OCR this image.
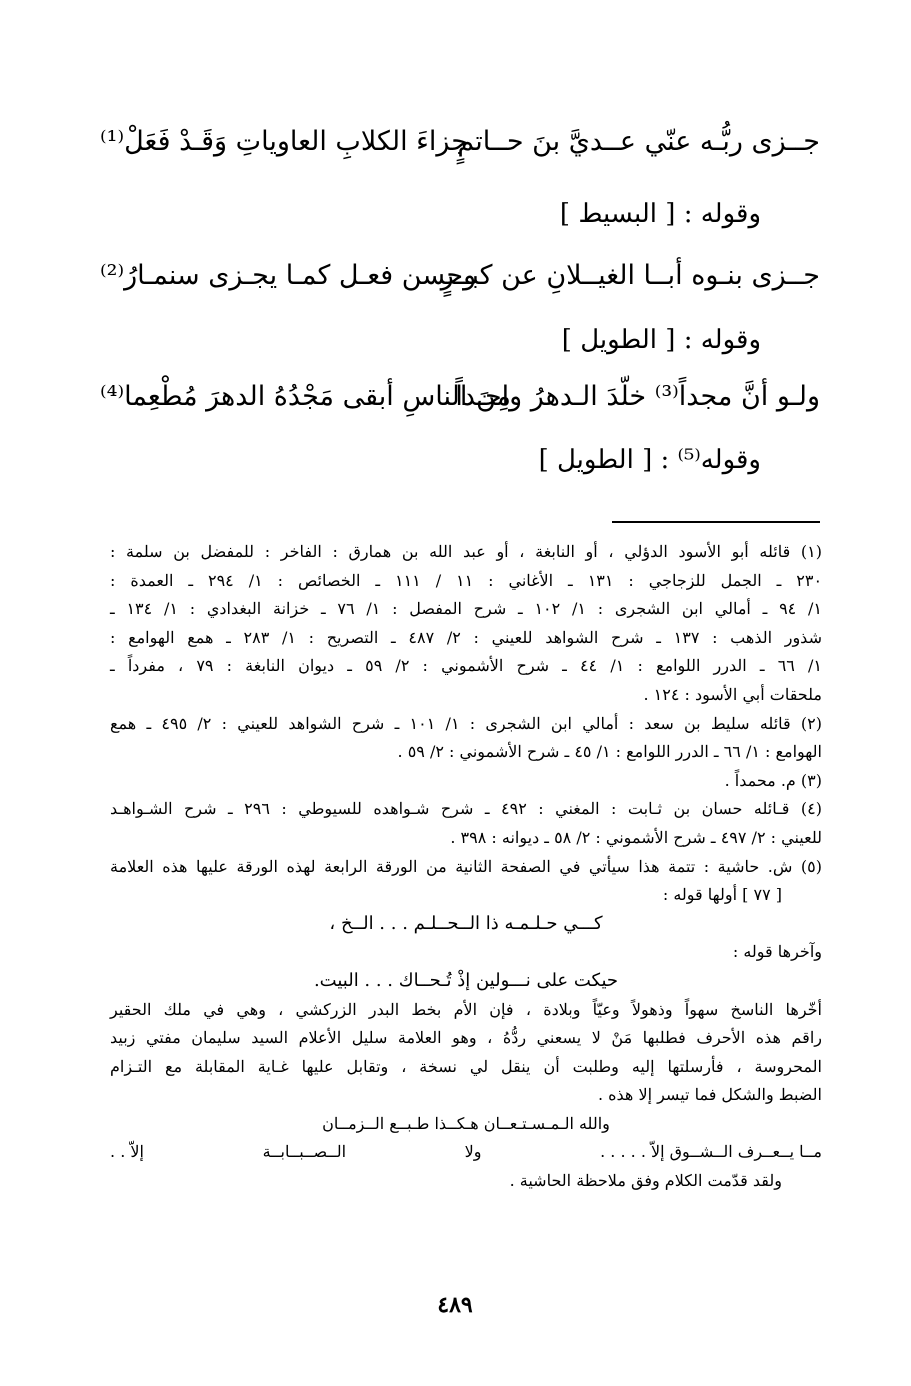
جــزى ربُّـه عنّي عــديَّ بنَ حــاتمٍ
جزاءَ الكلابِ العاوياتِ وَقَـدْ فَعَلْ⁽¹⁾
وقوله : [ البسيط ]
جــزى بنـوه أبــا الغيــلانِ عن كبــرٍ
وحسن فعـل كمـا يجـزى سنمـارُ⁽²⁾
وقوله : [ الطويل ]
ولـو أنَّ مجداً⁽³⁾ خلّدَ الـدهرُ واحـداً
مِنَ الناسِ أبقى مَجْدُهُ الدهرَ مُطْعِما⁽⁴⁾
وقوله⁽⁵⁾ : [ الطويل ]
(١) قائله أبو الأسود الدؤلي ، أو النابغة ، أو عبد الله بن همارق : الفاخر : للمفضل بن سلمة :
٢٣٠ ـ الجمل للزجاجي : ١٣١ ـ الأغاني : ١١ / ١١١ ـ الخصائص : ١/ ٢٩٤ ـ العمدة :
١/ ٩٤ ـ أمالي ابن الشجرى : ١/ ١٠٢ ـ شرح المفصل : ١/ ٧٦ ـ خزانة البغدادي : ١/ ١٣٤ ـ
شذور الذهب : ١٣٧ ـ شرح الشواهد للعيني : ٢/ ٤٨٧ ـ التصريح : ١/ ٢٨٣ ـ همع الهوامع :
١/ ٦٦ ـ الدرر اللوامع : ١/ ٤٤ ـ شرح الأشموني : ٢/ ٥٩ ـ ديوان النابغة : ٧٩ ، مفرداً ـ
ملحقات أبي الأسود : ١٢٤ .
(٢) قائله سليط بن سعد : أمالي ابن الشجرى : ١/ ١٠١ ـ شرح الشواهد للعيني : ٢/ ٤٩٥ ـ همع
الهوامع : ١/ ٦٦ ـ الدرر اللوامع : ١/ ٤٥ ـ شرح الأشموني : ٢/ ٥٩ .
(٣) م. محمداً .
(٤) قـائله حسان بن ثـابت : المغني : ٤٩٢ ـ شرح شـواهده للسيوطي : ٢٩٦ ـ شرح الشـواهـد
للعيني : ٢/ ٤٩٧ ـ شرح الأشموني : ٢/ ٥٨ ـ ديوانه : ٣٩٨ .
(٥) ش. حاشية : تتمة هذا سيأتي في الصفحة الثانية من الورقة الرابعة لهذه الورقة عليها هذه العلامة
[ ٧٧ ] أولها قوله :
كـــي حـلـمـه ذا الــحــلـم . . . الــخ ،
وآخرها قوله :
حيكت على نـــولين إذْ تُـحــاك . . . البيت.
أخّرها الناسخ سهواً وذهولاً وعيّاً وبلادة ، فإن الأم بخط البدر الزركشي ، وهي في ملك الحقير
راقم هذه الأحرف فطلبها مَنْ لا يسعني ردُّهُ ، وهو العلامة سليل الأعلام السيد سليمان مفتي زبيد
المحروسة ، فأرسلتها إليه وطلبت أن ينقل لي نسخة ، وتقابل عليها غـاية المقابلة مع التـزام
الضبط والشكل فما تيسر إلا هذه .
والله الـمـسـتـعــان هـكــذا طـبــع الــزمــان
مــا يــعــرف الــشــوق إلاّ . . . . .
ولا
الــصــبــابــة
إلاّ . .
ولقد قدّمت الكلام وفق ملاحظة الحاشية .
٤٨٩
